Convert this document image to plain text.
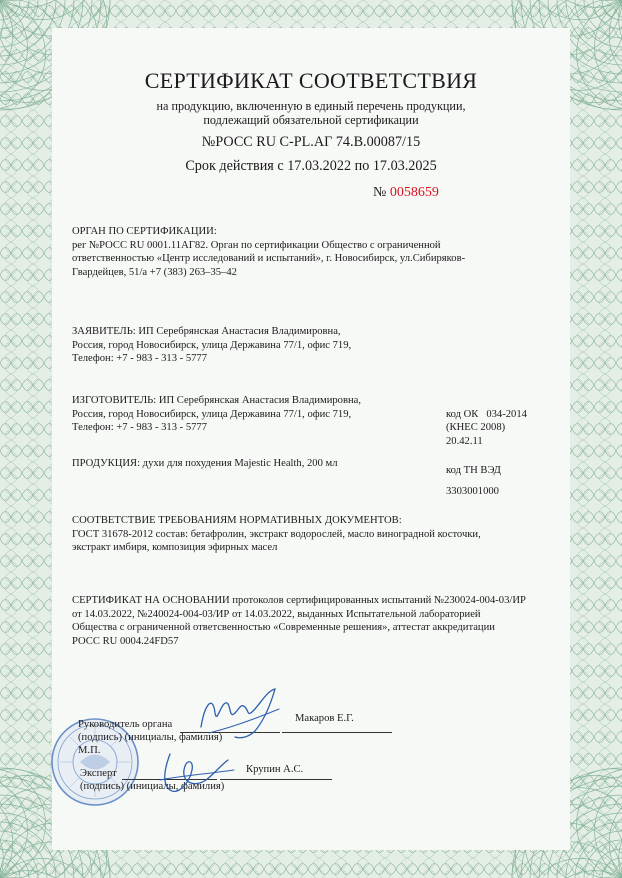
СЕРТИФИКАТ СООТВЕТСТВИЯ
на продукцию, включенную в единый перечень продукции,
подлежащий обязательной сертификации
№РОСС RU С-PL.АГ 74.В.00087/15
Срок действия с 17.03.2022 по 17.03.2025
№ 0058659
ОРГАН ПО СЕРТИФИКАЦИИ:
рег №РОСС RU 0001.11АГ82. Орган по сертификации Общество с ограниченной
ответственностью «Центр исследований и испытаний», г. Новосибирск, ул.Сибиряков-
Гвардейцев, 51/а +7 (383) 263–35–42
ЗАЯВИТЕЛЬ: ИП Серебрянская Анастасия Владимировна,
Россия, город Новосибирск, улица Державина 77/1, офис 719,
Телефон: +7 - 983 - 313 - 5777
ИЗГОТОВИТЕЛЬ: ИП Серебрянская Анастасия Владимировна,
Россия, город Новосибирск, улица Державина 77/1, офис 719,
Телефон: +7 - 983 - 313 - 5777
код ОК 034-2014
(КНЕС 2008)
20.42.11
код ТН ВЭД
3303001000
ПРОДУКЦИЯ: духи для похудения Majestic Health, 200 мл
СООТВЕТСТВИЕ ТРЕБОВАНИЯМ НОРМАТИВНЫХ ДОКУМЕНТОВ:
ГОСТ 31678-2012 состав: бетафролин, экстракт водорослей, масло виноградной косточки,
экстракт имбиря, композиция эфирных масел
СЕРТИФИКАТ НА ОСНОВАНИИ протоколов сертифицированных испытаний №230024-004-03/ИР
от 14.03.2022, №240024-004-03/ИР от 14.03.2022, выданных Испытательной лабораторией
Общества с ограниченной ответсвенностью «Современные решения», аттестат аккредитации
РОСС RU 0004.24FD57
Руководитель органа
Макаров Е.Г.
(подпись) (инициалы, фамилия)
М.П.
Эксперт	Крупин А.С.
(подпись) (инициалы, фамилия)
